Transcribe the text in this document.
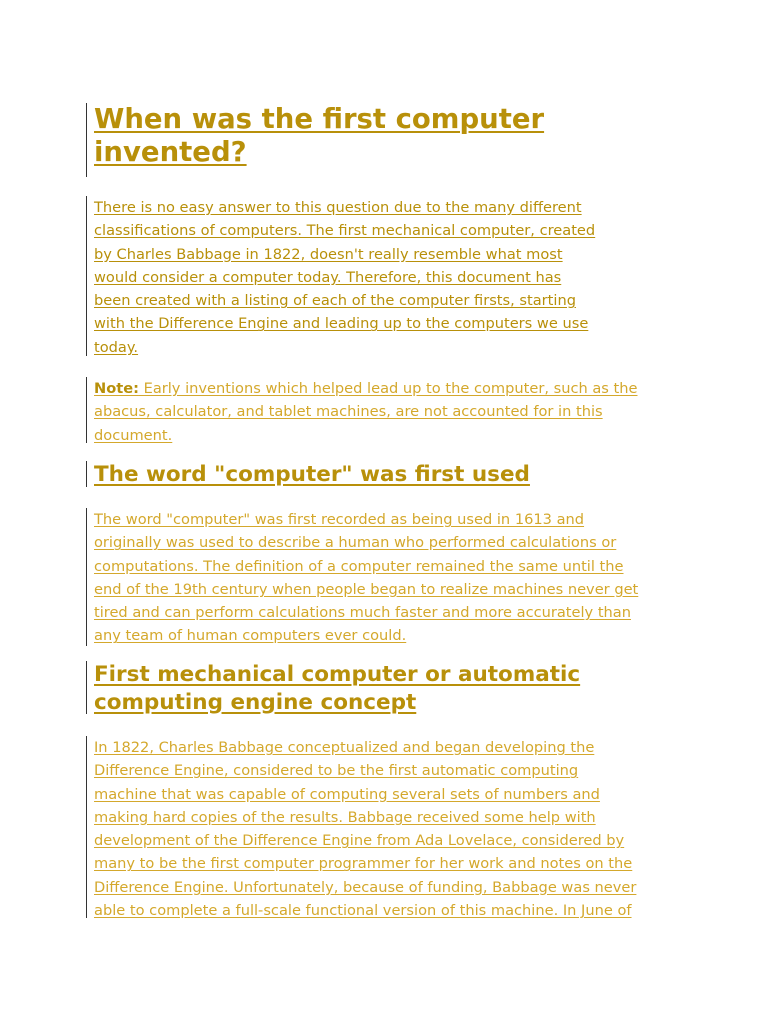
When was the first computer
invented?

There is no easy answer to this question due to the many different
classifications of computers. The first mechanical computer, created
by Charles Babbage in 1822, doesn't really resemble what most
would consider a computer today. Therefore, this document has
been created with a listing of each of the computer firsts, starting
with the Difference Engine and leading up to the computers we use
today.

Note: Early inventions which helped lead up to the computer, such as the
abacus, calculator, and tablet machines, are not accounted for in this
document.

The word "computer" was first used

The word "computer" was first recorded as being used in 1613 and
originally was used to describe a human who performed calculations or
computations. The definition of a computer remained the same until the
end of the 19th century when people began to realize machines never get
tired and can perform calculations much faster and more accurately than
any team of human computers ever could.

First mechanical computer or automatic
computing engine concept

In 1822, Charles Babbage conceptualized and began developing the
Difference Engine, considered to be the first automatic computing
machine that was capable of computing several sets of numbers and
making hard copies of the results. Babbage received some help with
development of the Difference Engine from Ada Lovelace, considered by
many to be the first computer programmer for her work and notes on the
Difference Engine. Unfortunately, because of funding, Babbage was never
able to complete a full-scale functional version of this machine. In June of
